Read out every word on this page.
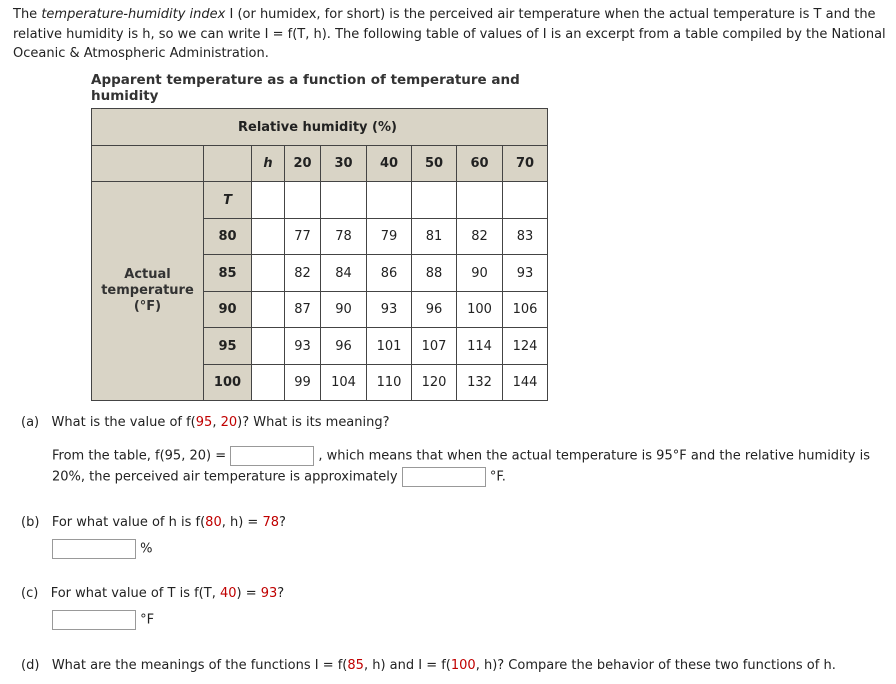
The temperature-humidity index I (or humidex, for short) is the perceived air temperature when the actual temperature is T and the relative humidity is h, so we can write I = f(T, h). The following table of values of I is an excerpt from a table compiled by the National Oceanic & Atmospheric Administration.
Apparent temperature as a function of temperature and humidity
Relative humidity (%)								
		h	20	30	40	50	60	70

Actual temperature (°F)	T							
	80		77	78	79	81	82	83
	85		82	84	86	88	90	93
	90		87	90	93	96	100	106
	95		93	96	101	107	114	124
	100		99	104	110	120	132	144
(a) What is the value of f(95, 20)? What is its meaning?
From the table, f(95, 20) =	, which means that when the actual temperature is 95°F and the relative humidity is
20%, the perceived air temperature is approximately	°F.
(b) For what value of h is f(80, h) = 78?
%
(c) For what value of T is f(T, 40) = 93?
°F
(d) What are the meanings of the functions I = f(85, h) and I = f(100, h)? Compare the behavior of these two functions of h.
